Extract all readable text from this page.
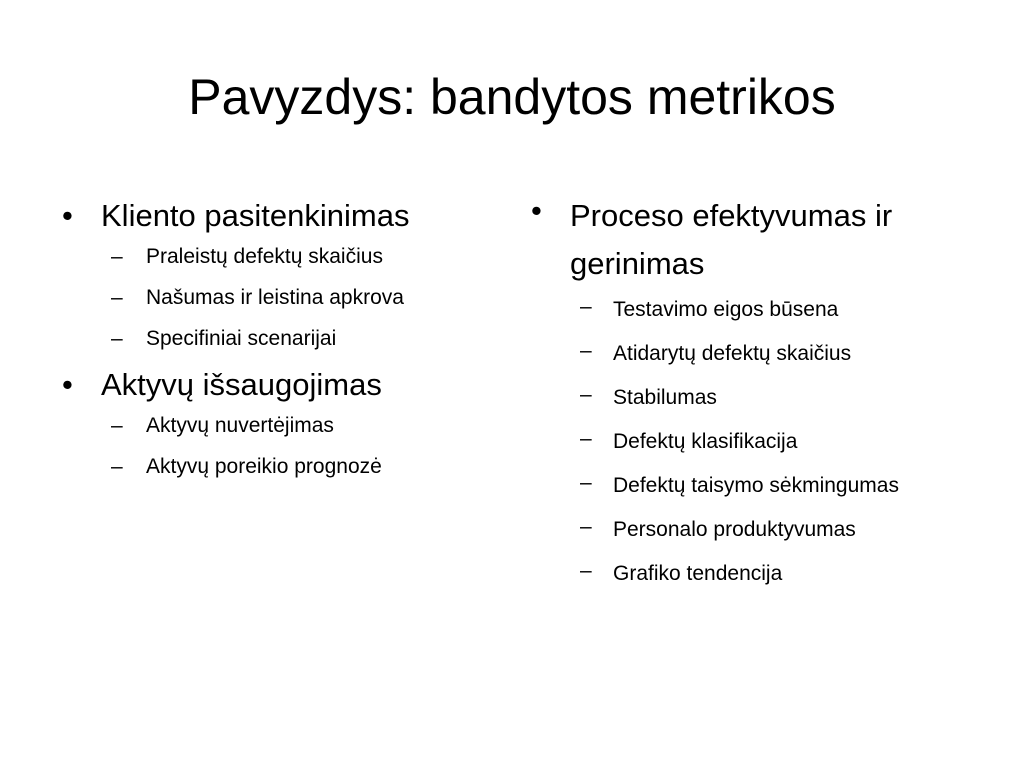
Pavyzdys: bandytos metrikos
• Kliento pasitenkinimas
– Praleistų defektų skaičius
– Našumas ir leistina apkrova
– Specifiniai scenarijai
• Aktyvų išsaugojimas
– Aktyvų nuvertėjimas
– Aktyvų poreikio prognozė
• Proceso efektyvumas ir gerinimas
– Testavimo eigos būsena
– Atidarytų defektų skaičius
– Stabilumas
– Defektų klasifikacija
– Defektų taisymo sėkmingumas
– Personalo produktyvumas
– Grafiko tendencija
